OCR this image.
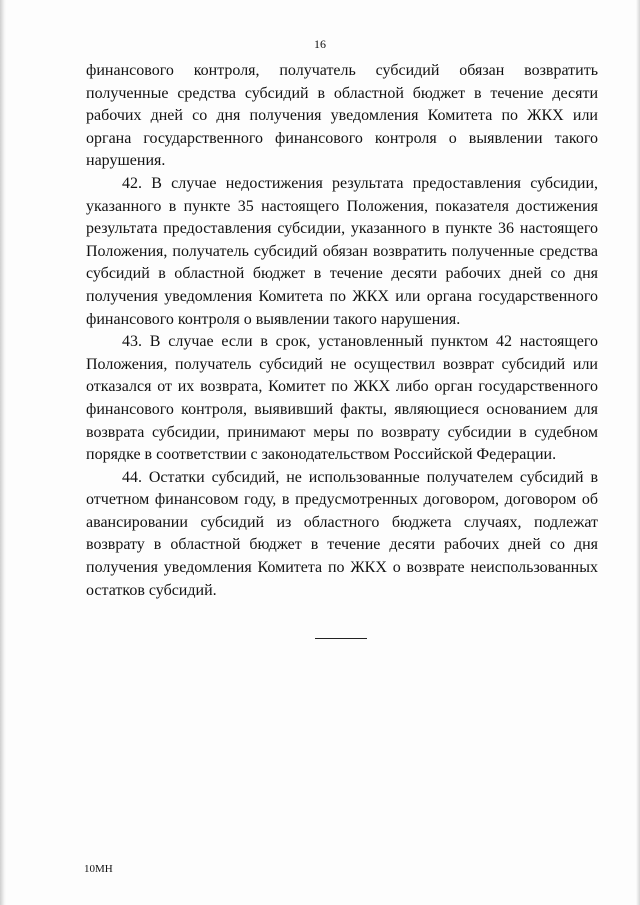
16

финансового контроля, получатель субсидий обязан возвратить полученные средства субсидий в областной бюджет в течение десяти рабочих дней со дня получения уведомления Комитета по ЖКХ или органа государственного финансового контроля о выявлении такого нарушения.

42. В случае недостижения результата предоставления субсидии, указанного в пункте 35 настоящего Положения, показателя достижения результата предоставления субсидии, указанного в пункте 36 настоящего Положения, получатель субсидий обязан возвратить полученные средства субсидий в областной бюджет в течение десяти рабочих дней со дня получения уведомления Комитета по ЖКХ или органа государственного финансового контроля о выявлении такого нарушения.

43. В случае если в срок, установленный пунктом 42 настоящего Положения, получатель субсидий не осуществил возврат субсидий или отказался от их возврата, Комитет по ЖКХ либо орган государственного финансового контроля, выявивший факты, являющиеся основанием для возврата субсидии, принимают меры по возврату субсидии в судебном порядке в соответствии с законодательством Российской Федерации.

44. Остатки субсидий, не использованные получателем субсидий в отчетном финансовом году, в предусмотренных договором, договором об авансировании субсидий из областного бюджета случаях, подлежат возврату в областной бюджет в течение десяти рабочих дней со дня получения уведомления Комитета по ЖКХ о возврате неиспользованных остатков субсидий.

10МН
